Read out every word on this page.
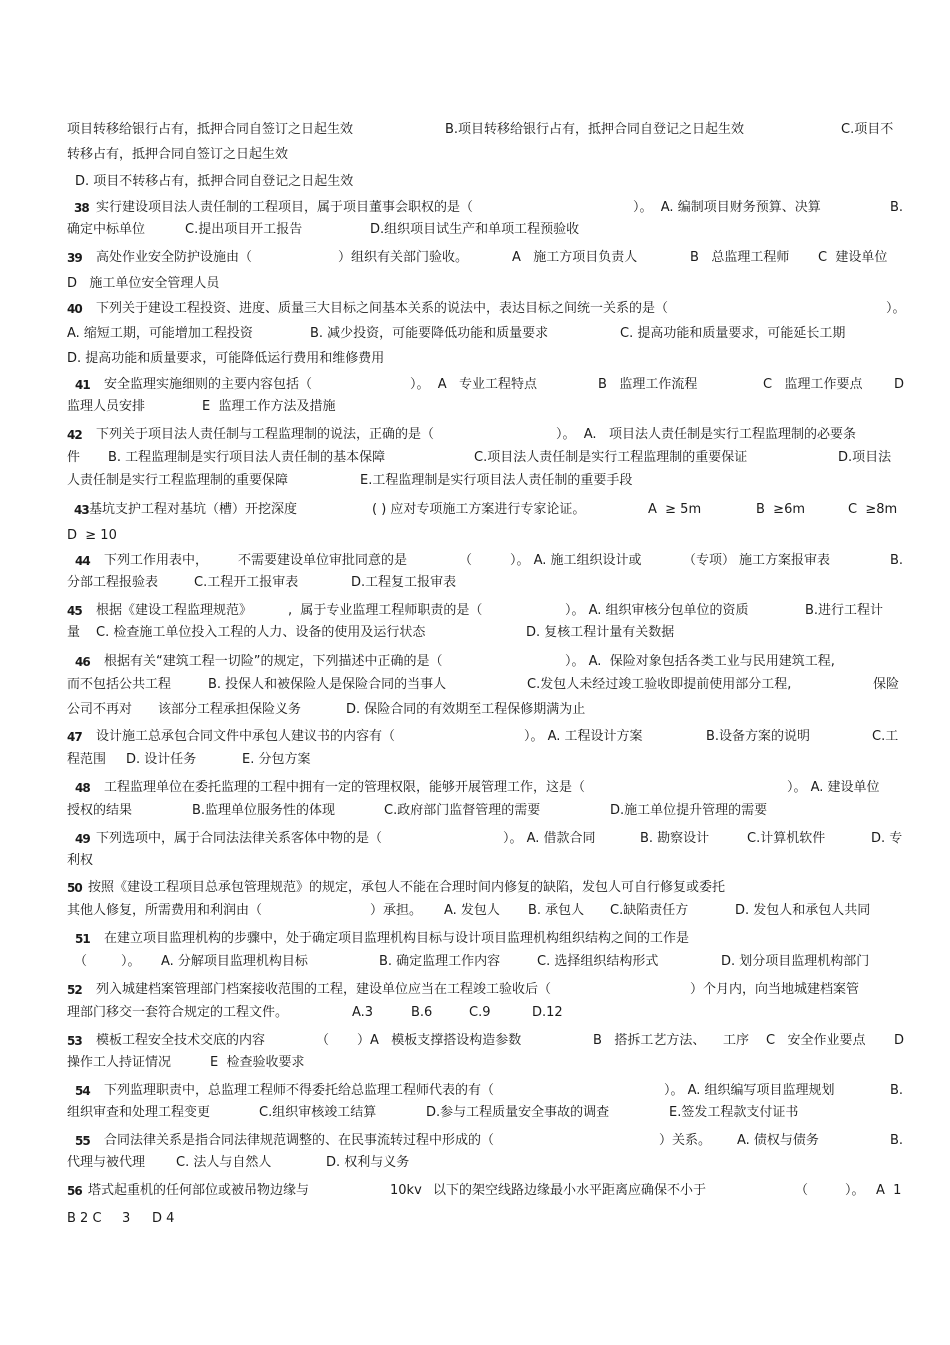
项目转移给银行占有，抵押合同自签订之日起生效	B.项目转移给银行占有，抵押合同自登记之日起生效	C.项目不
转移占有，抵押合同自签订之日起生效
D. 项目不转移占有，抵押合同自登记之日起生效
38 实行建设项目法人责任制的工程项目，属于项目董事会职权的是（	）。  A. 编制项目财务预算、决算	B.
确定中标单位	C.提出项目开工报告	D.组织项目试生产和单项工程预验收
39 高处作业安全防护设施由（	）组织有关部门验收。	A   施工方项目负责人	B   总监理工程师 C  建设单位
D   施工单位安全管理人员
40 下列关于建设工程投资、进度、质量三大目标之间基本关系的说法中，表达目标之间统一关系的是（	）。
A. 缩短工期，可能增加工程投资	B. 减少投资，可能要降低功能和质量要求	C. 提高功能和质量要求，可能延长工期
D. 提高功能和质量要求，可能降低运行费用和维修费用
41 安全监理实施细则的主要内容包括（	）。  A   专业工程特点	B   监理工作流程	C   监理工作要点 D
监理人员安排	E  监理工作方法及措施
42 下列关于项目法人责任制与工程监理制的说法，正确的是（	）。  A.   项目法人责任制是实行工程监理制的必要条
件 B. 工程监理制是实行项目法人责任制的基本保障	C.项目法人责任制是实行工程监理制的重要保证	D.项目法
人责任制是实行工程监理制的重要保障	E.工程监理制是实行项目法人责任制的重要手段
43 基坑支护工程对基坑（槽）开挖深度	( ) 应对专项施工方案进行专家论证。	A  ≥ 5m	B  ≥6m	C  ≥8m
D  ≥ 10
44 下列工作用表中， 不需要建设单位审批同意的是	（	）。 A. 施工组织设计或	（专项） 施工方案报审表	B.
分部工程报验表	C.工程开工报审表	D.工程复工报审表
45 根据《建设工程监理规范》	,  属于专业监理工程师职责的是（	）。 A. 组织审核分包单位的资质	B.进行工程计
量 C. 检查施工单位投入工程的人力、设备的使用及运行状态	D. 复核工程计量有关数据
46 根据有关“建筑工程一切险”的规定，下列描述中正确的是（	）。 A.  保险对象包括各类工业与民用建筑工程,
而不包括公共工程	B. 投保人和被保险人是保险合同的当事人	C.发包人未经过竣工验收即提前使用部分工程,	保险
公司不再对 该部分工程承担保险义务	D. 保险合同的有效期至工程保修期满为止
47 设计施工总承包合同文件中承包人建议书的内容有（	）。 A. 工程设计方案	B.设备方案的说明	C.工
程范围 D. 设计任务	E. 分包方案
48 工程监理单位在委托监理的工程中拥有一定的管理权限，能够开展管理工作，这是（	）。 A. 建设单位
授权的结果	B.监理单位服务性的体现	C.政府部门监督管理的需要	D.施工单位提升管理的需要
49 下列选项中，属于合同法法律关系客体中物的是（	）。 A. 借款合同	B. 勘察设计	C.计算机软件	D. 专
利权
50 按照《建设工程项目总承包管理规范》的规定，承包人不能在合理时间内修复的缺陷，发包人可自行修复或委托
其他人修复，所需费用和利润由（	）承担。 A. 发包人 B. 承包人 C.缺陷责任方	D. 发包人和承包人共同
51 在建立项目监理机构的步骤中，处于确定项目监理机构目标与设计项目监理机构组织结构之间的工作是
（	）。 A. 分解项目监理机构目标	B. 确定监理工作内容	C. 选择组织结构形式	D. 划分项目监理机构部门
52 列入城建档案管理部门档案接收范围的工程，建设单位应当在工程竣工验收后（	）个月内，向当地城建档案管
理部门移交一套符合规定的工程文件。	A.3	B.6	C.9	D.12
53 模板工程安全技术交底的内容	（ ）A   模板支撑搭设构造参数	B   搭拆工艺方法、 工序 C   安全作业要点 D
操作工人持证情况	E  检查验收要求
54 下列监理职责中，总监理工程师不得委托给总监理工程师代表的有（	）。 A. 组织编写项目监理规划	B.
组织审查和处理工程变更	C.组织审核竣工结算	D.参与工程质量安全事故的调查	E.签发工程款支付证书
55 合同法律关系是指合同法律规范调整的、在民事流转过程中形成的（	）关系。 A. 债权与债务	B.
代理与被代理 C. 法人与自然人	D. 权利与义务
56 塔式起重机的任何部位或被吊物边缘与	10kv 以下的架空线路边缘最小水平距离应确保不小于	（	）。 A  1
B 2 C 3 D 4
